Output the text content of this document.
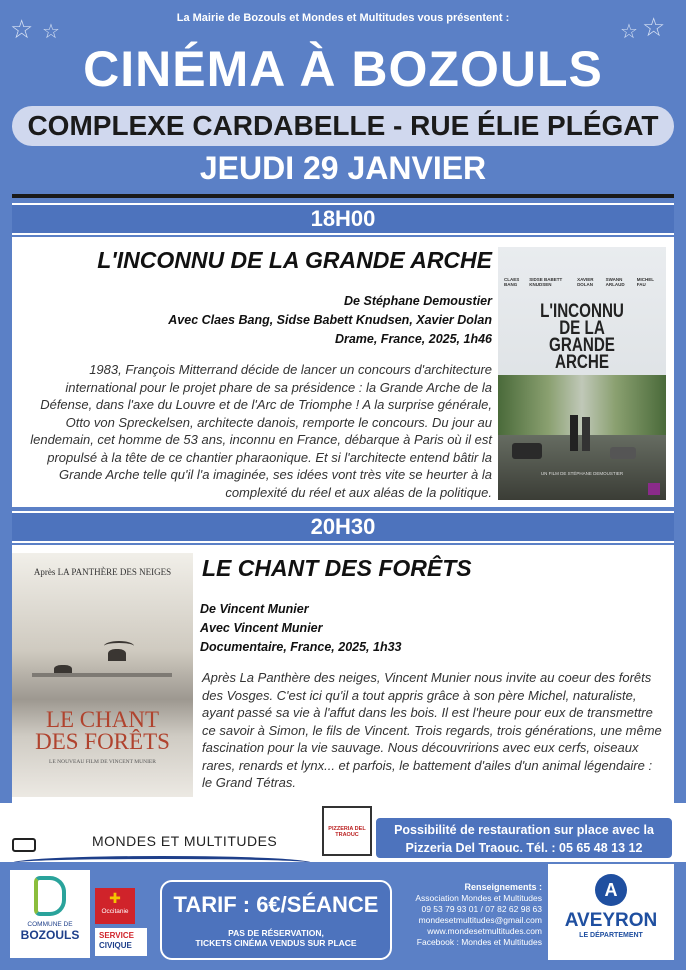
☆ ☆	☆ ☆
La Mairie de Bozouls et Mondes et Multitudes vous présentent :
CINÉMA À BOZOULS
COMPLEXE CARDABELLE - RUE ÉLIE PLÉGAT
JEUDI 29 JANVIER
18H00
L'INCONNU DE LA GRANDE ARCHE
De Stéphane Demoustier
Avec Claes Bang, Sidse Babett Knudsen, Xavier Dolan
Drame, France, 2025, 1h46
1983, François Mitterrand décide de lancer un concours d'architecture international pour le projet phare de sa présidence : la Grande Arche de la Défense, dans l'axe du Louvre et de l'Arc de Triomphe ! A la surprise générale, Otto von Spreckelsen, architecte danois, remporte le concours. Du jour au lendemain, cet homme de 53 ans, inconnu en France, débarque à Paris où il est propulsé à la tête de ce chantier pharaonique. Et si l'architecte entend bâtir la Grande Arche telle qu'il l'a imaginée, ses idées vont très vite se heurter à la complexité du réel et aux aléas de la politique.
CLAES BANG
SIDSE BABETT KNUDSEN
XAVIER DOLAN
SWANN ARLAUD
MICHEL FAU
L'INCONNU
DE LA
GRANDE
ARCHE
UN FILM DE STÉPHANE DEMOUSTIER
20H30
Après LA PANTHÈRE DES NEIGES
LE CHANT
DES FORÊTS
LE NOUVEAU FILM DE VINCENT MUNIER
LE CHANT DES FORÊTS
De Vincent Munier
Avec Vincent Munier
Documentaire, France, 2025, 1h33
Après La Panthère des neiges, Vincent Munier nous invite au coeur des forêts des Vosges. C'est ici qu'il a tout appris grâce à son père Michel, naturaliste, ayant passé sa vie à l'affut dans les bois. Il est l'heure pour eux de transmettre ce savoir à Simon, le fils de Vincent. Trois regards, trois générations, une même fascination pour la vie sauvage. Nous découvririons avec eux cerfs, oiseaux rares, renards et lynx... et parfois, le battement d'ailes d'un animal légendaire : le Grand Tétras.
MONDES ET MULTITUDES
PIZZERIA DEL TRAOUC	Possibilité de restauration sur place avec la
Pizzeria Del Traouc. Tél. : 05 65 48 13 12
COMMUNE DE
BOZOULS
✚
Occitanie
SERVICE
CIVIQUE
TARIF : 6€/SÉANCE
PAS DE RÉSERVATION,
TICKETS CINÉMA VENDUS SUR PLACE
Renseignements :
Association Mondes et Multitudes
09 53 79 93 01 / 07 82 62 98 63
mondesetmultitudes@gmail.com
www.mondesetmultitudes.com
Facebook : Mondes et Multitudes
A
AVEYRON
LE DÉPARTEMENT
